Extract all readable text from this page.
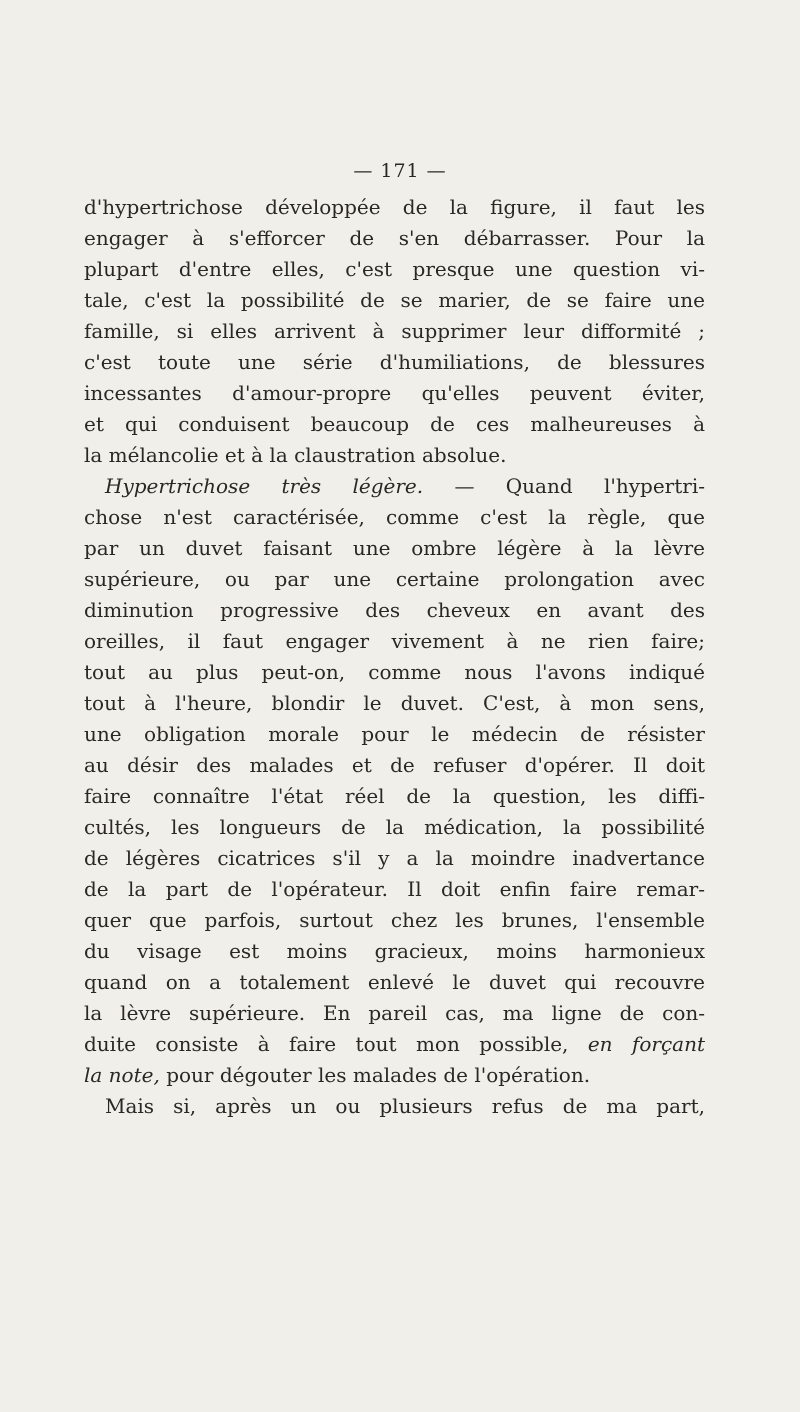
— 171 —
d'hypertrichose développée de la figure, il faut les
engager à s'efforcer de s'en débarrasser. Pour la
plupart d'entre elles, c'est presque une question vi-
tale, c'est la possibilité de se marier, de se faire une
famille, si elles arrivent à supprimer leur difformité ;
c'est toute une série d'humiliations, de blessures
incessantes d'amour-propre qu'elles peuvent éviter,
et qui conduisent beaucoup de ces malheureuses à
la mélancolie et à la claustration absolue.
Hypertrichose très légère. — Quand l'hypertri-
chose n'est caractérisée, comme c'est la règle, que
par un duvet faisant une ombre légère à la lèvre
supérieure, ou par une certaine prolongation avec
diminution progressive des cheveux en avant des
oreilles, il faut engager vivement à ne rien faire;
tout au plus peut-on, comme nous l'avons indiqué
tout à l'heure, blondir le duvet. C'est, à mon sens,
une obligation morale pour le médecin de résister
au désir des malades et de refuser d'opérer. Il doit
faire connaître l'état réel de la question, les diffi-
cultés, les longueurs de la médication, la possibilité
de légères cicatrices s'il y a la moindre inadvertance
de la part de l'opérateur. Il doit enfin faire remar-
quer que parfois, surtout chez les brunes, l'ensemble
du visage est moins gracieux, moins harmonieux
quand on a totalement enlevé le duvet qui recouvre
la lèvre supérieure. En pareil cas, ma ligne de con-
duite consiste à faire tout mon possible, en forçant
la note, pour dégouter les malades de l'opération.
Mais si, après un ou plusieurs refus de ma part,
